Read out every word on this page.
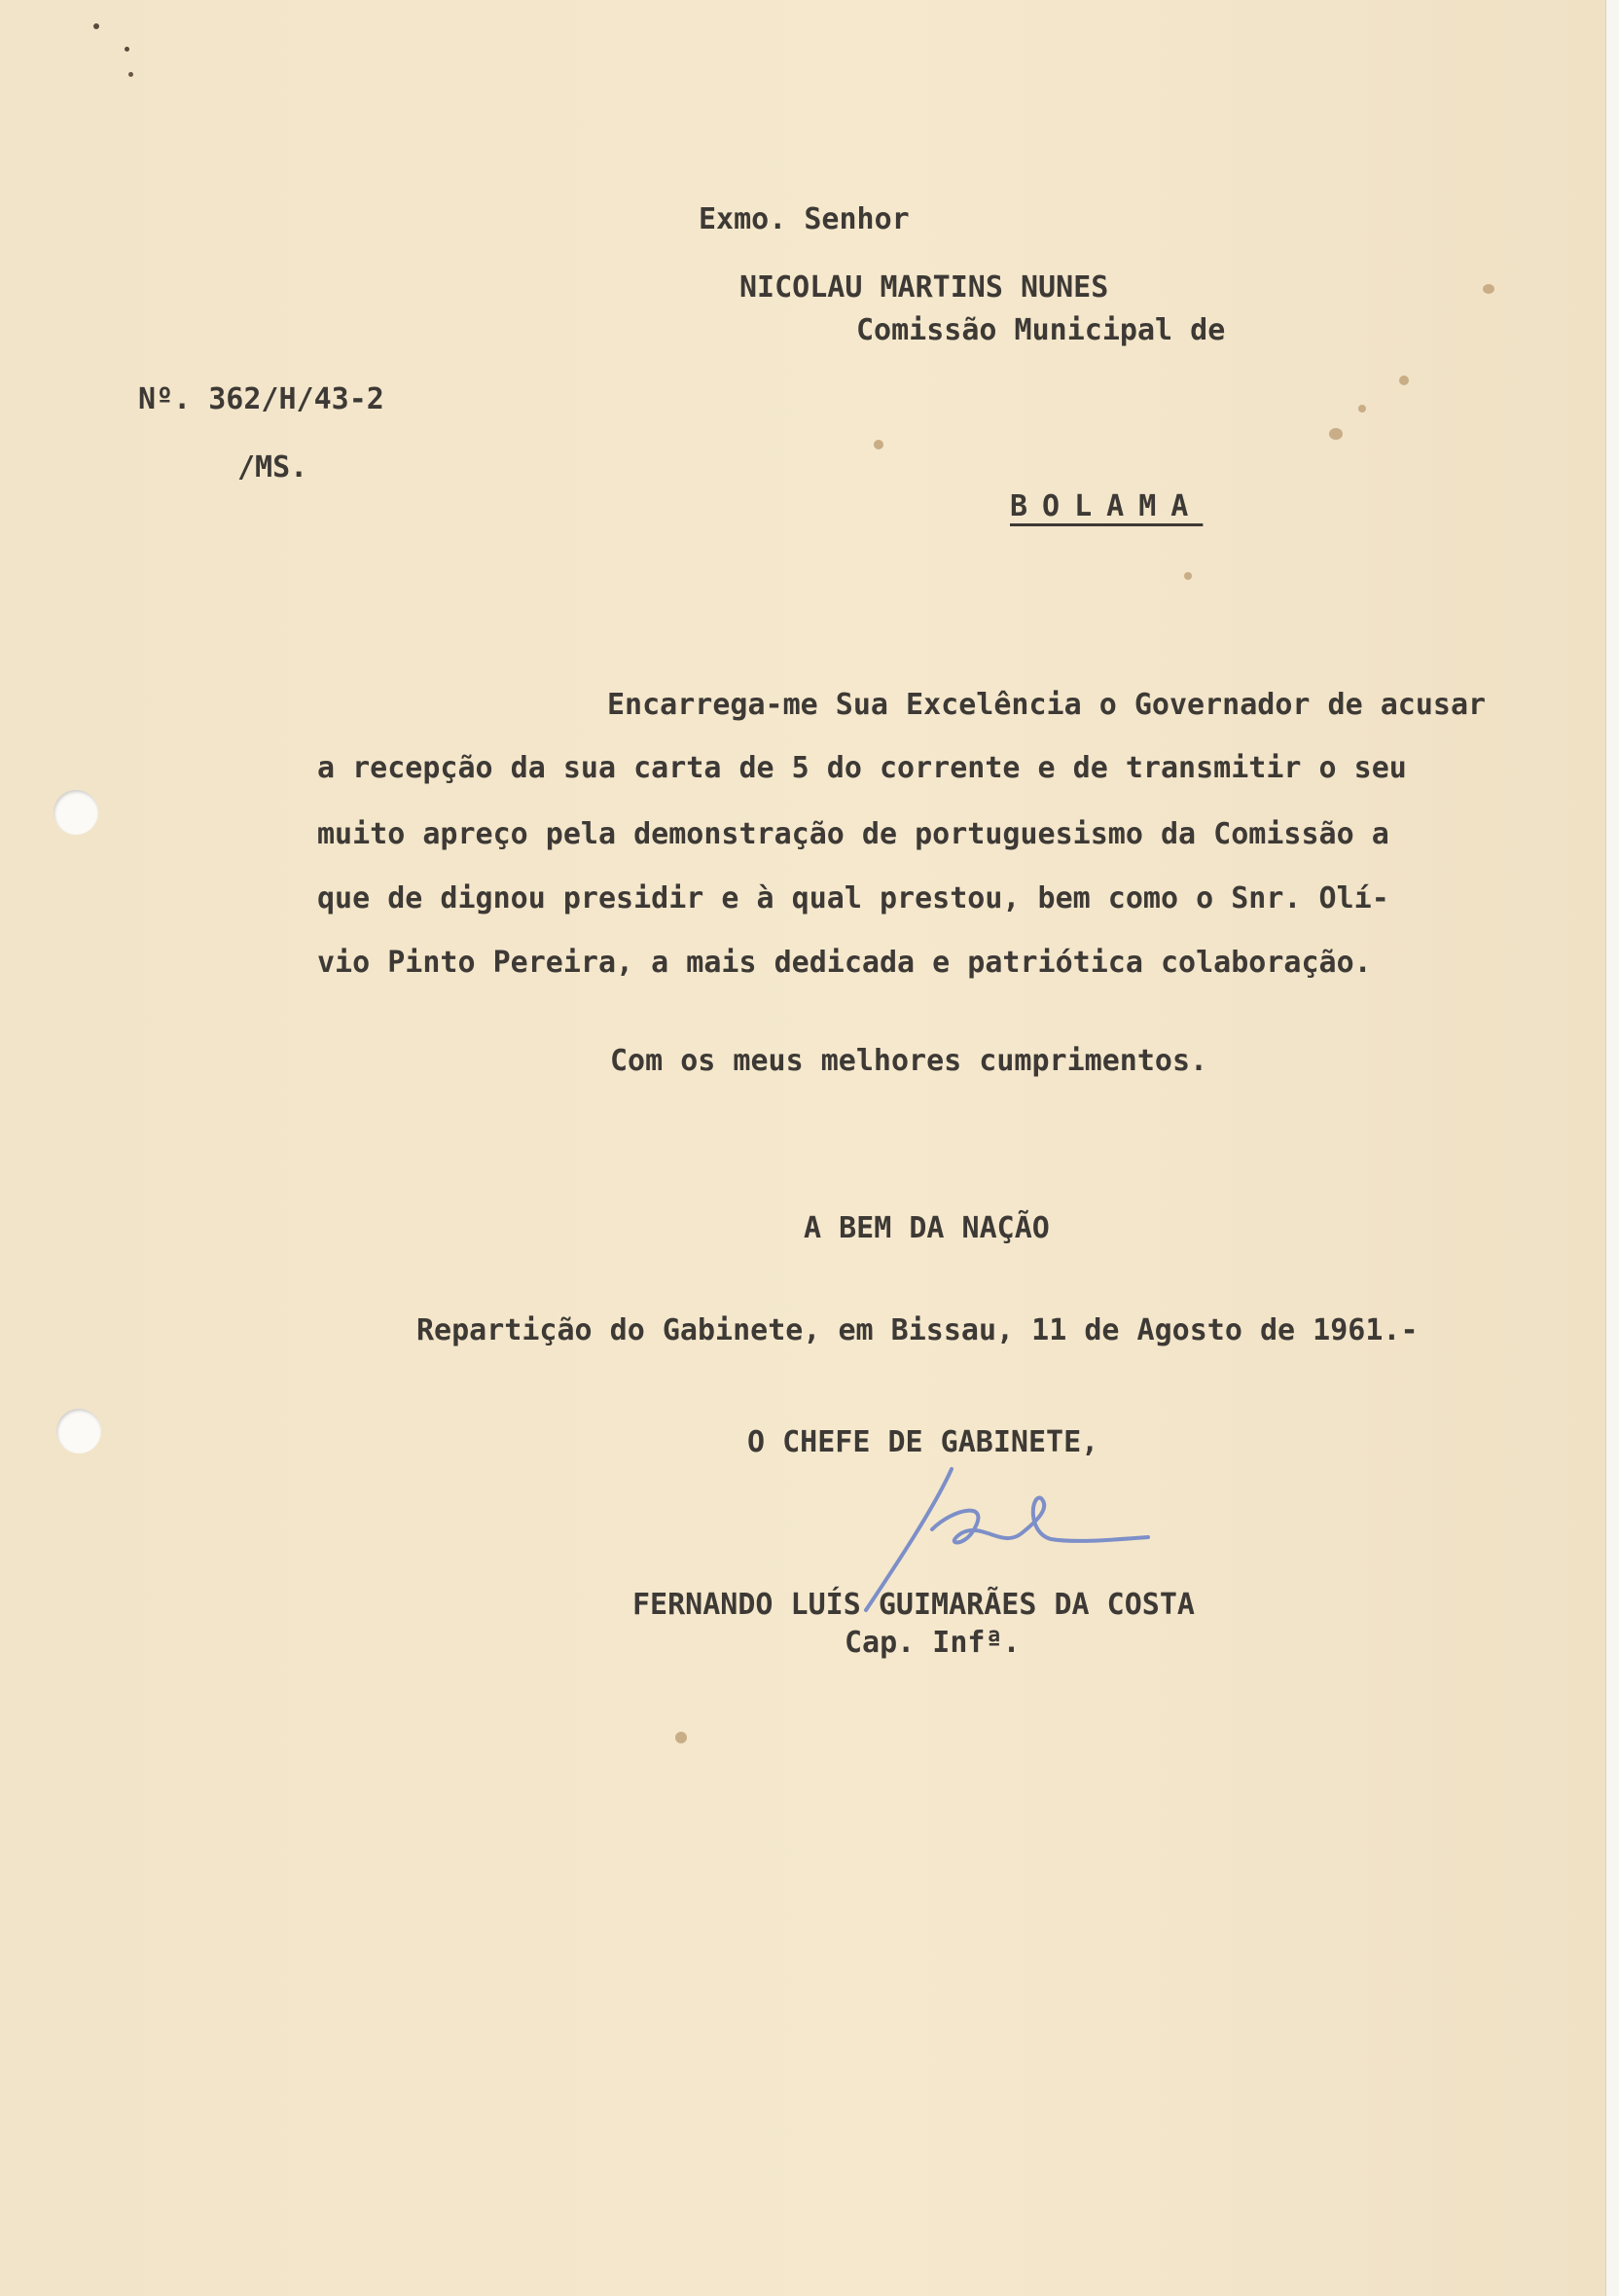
Exmo. Senhor
NICOLAU MARTINS NUNES
Comissão Municipal de
Nº. 362/H/43-2
/MS.
BOLAMA
Encarrega-me Sua Excelência o Governador de acusar
a recepção da sua carta de 5 do corrente e de transmitir o seu
muito apreço pela demonstração de portuguesismo da Comissão a
que de dignou presidir e à qual prestou, bem como o Snr. Olí-
vio Pinto Pereira, a mais dedicada e patriótica colaboração.
Com os meus melhores cumprimentos.
A BEM DA NAÇÃO
Repartição do Gabinete, em Bissau, 11 de Agosto de 1961.-
O CHEFE DE GABINETE,
FERNANDO LUÍS GUIMARÃES DA COSTA
Cap. Infª.
